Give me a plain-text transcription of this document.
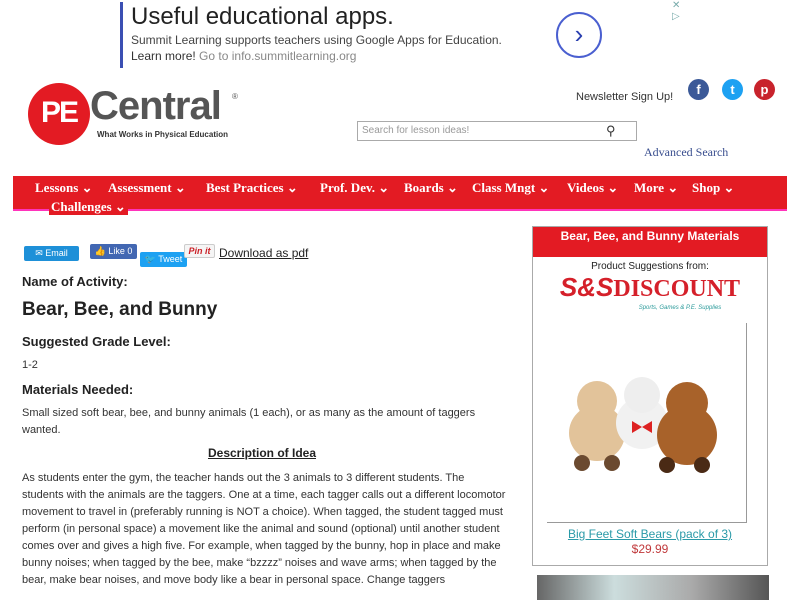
Useful educational apps.
Summit Learning supports teachers using Google Apps for Education.
Learn more! Go to info.summitlearning.org
›
✕
▷
PE Central ®
What Works in Physical Education
Newsletter Sign Up!	f	t	p
Search for lesson ideas!	⚲
Advanced Search
Lessons ⌄ Assessment ⌄ Best Practices ⌄ Prof. Dev. ⌄ Boards ⌄ Class Mngt ⌄ Videos ⌄ More ⌄ Shop ⌄
Challenges ⌄
✉ Email	👍 Like 0
🐦 Tweet
Pin it Download as pdf
Name of Activity:
Bear, Bee, and Bunny
Suggested Grade Level:
1-2
Materials Needed:
Small sized soft bear, bee, and bunny animals (1 each), or as many as the amount of taggers wanted.
Description of Idea
As students enter the gym, the teacher hands out the 3 animals to 3 different students. The students with the animals are the taggers. One at a time, each tagger calls out a different locomotor movement to travel in (preferably running is NOT a choice). When tagged, the student tagged must perform (in personal space) a movement like the animal and sound (optional) until another student comes over and gives a high five. For example, when tagged by the bunny, hop in place and make bunny noises; when tagged by the bee, make “bzzzz” noises and wave arms; when tagged by the bear, make bear noises, and move body like a bear in personal space. Change taggers
Bear, Bee, and Bunny Materials
Product Suggestions from:
S&SDISCOUNT
Sports, Games & P.E. Supplies
Big Feet Soft Bears (pack of 3)
$29.99
